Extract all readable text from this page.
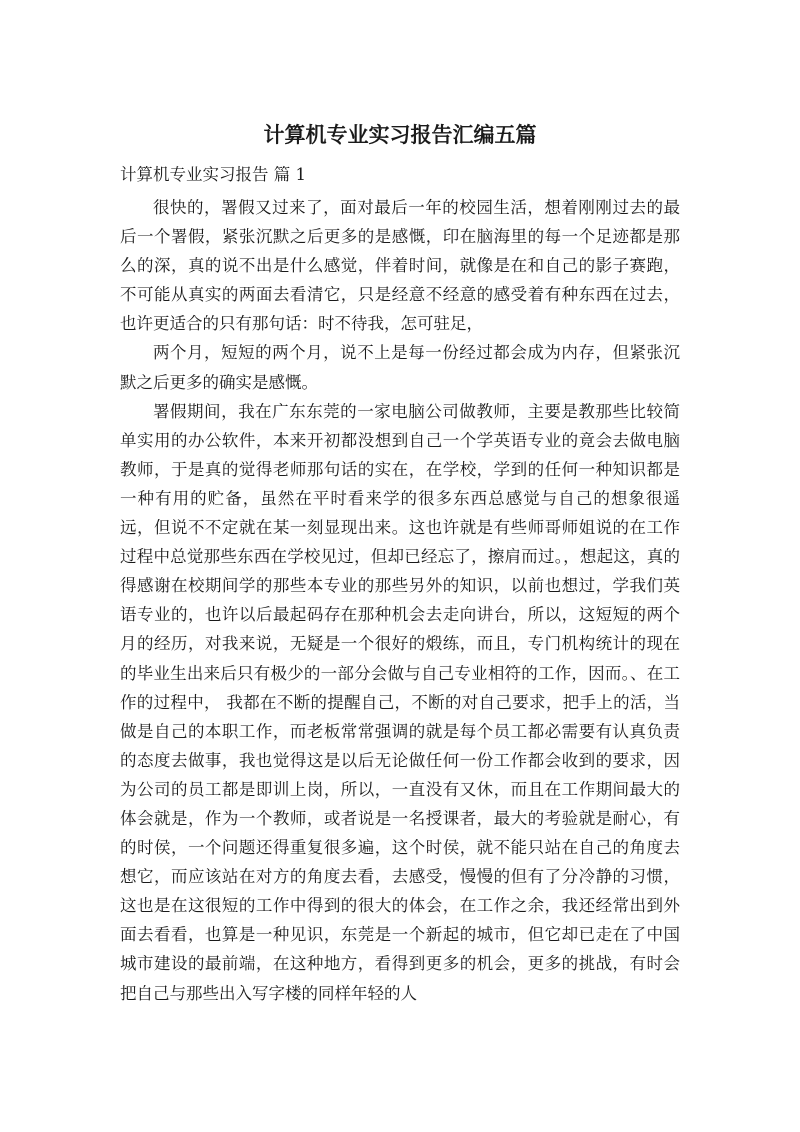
计算机专业实习报告汇编五篇
计算机专业实习报告 篇 1

很快的，署假又过来了，面对最后一年的校园生活，想着刚刚过去的最后一个署假，紧张沉默之后更多的是感慨，印在脑海里的每一个足迹都是那么的深，真的说不出是什么感觉，伴着时间，就像是在和自己的影子赛跑，不可能从真实的两面去看清它，只是经意不经意的感受着有种东西在过去，也许更适合的只有那句话：时不待我，怎可驻足，

两个月，短短的两个月，说不上是每一份经过都会成为内存，但紧张沉默之后更多的确实是感慨。

署假期间，我在广东东莞的一家电脑公司做教师，主要是教那些比较简单实用的办公软件，本来开初都没想到自己一个学英语专业的竟会去做电脑教师，于是真的觉得老师那句话的实在，在学校，学到的任何一种知识都是一种有用的贮备，虽然在平时看来学的很多东西总感觉与自己的想象很遥远，但说不不定就在某一刻显现出来。这也许就是有些师哥师姐说的在工作过程中总觉那些东西在学校见过，但却已经忘了，擦肩而过。，想起这，真的得感谢在校期间学的那些本专业的那些另外的知识，以前也想过，学我们英语专业的，也许以后最起码存在那种机会去走向讲台，所以，这短短的两个月的经历，对我来说，无疑是一个很好的煅练，而且，专门机构统计的现在的毕业生出来后只有极少的一部分会做与自己专业相符的工作，因而。、在工作的过程中， 我都在不断的提醒自己，不断的对自己要求，把手上的活，当做是自己的本职工作，而老板常常强调的就是每个员工都必需要有认真负责的态度去做事，我也觉得这是以后无论做任何一份工作都会收到的要求，因为公司的员工都是即训上岗，所以，一直没有又休，而且在工作期间最大的体会就是，作为一个教师，或者说是一名授课者，最大的考验就是耐心，有的时侯，一个问题还得重复很多遍，这个时侯，就不能只站在自己的角度去想它，而应该站在对方的角度去看，去感受，慢慢的但有了分冷静的习惯，这也是在这很短的工作中得到的很大的体会，在工作之余，我还经常出到外面去看看，也算是一种见识，东莞是一个新起的城市，但它却已走在了中国城市建设的最前端，在这种地方，看得到更多的机会，更多的挑战，有时会把自己与那些出入写字楼的同样年轻的人
